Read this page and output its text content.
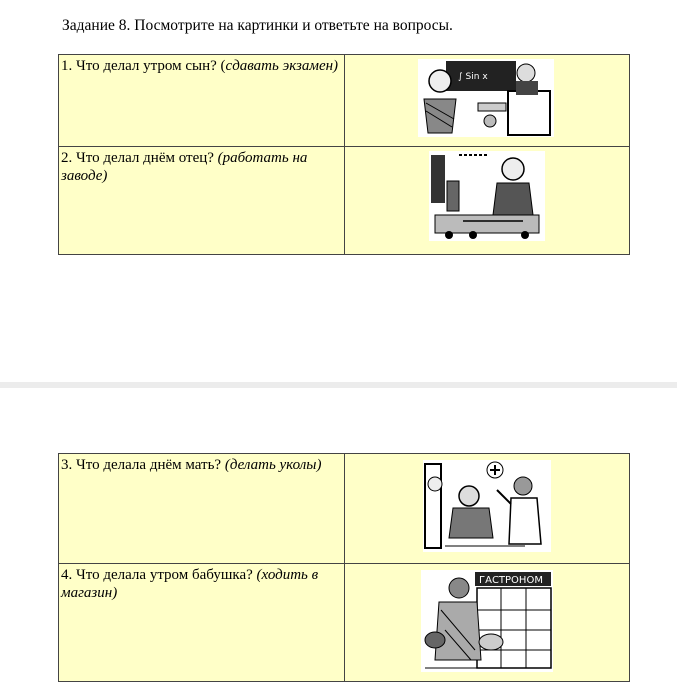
Задание 8. Посмотрите на картинки и ответьте на вопросы.
1. Что делал утром сын? (сдавать экзамен)	∫ Sin x

2. Что делал днём отец? (работать на заводе)	
3. Что делала днём мать? (делать уколы)	

4. Что делала утром бабушка? (ходить в магазин)	ГАСТРОНОМ
